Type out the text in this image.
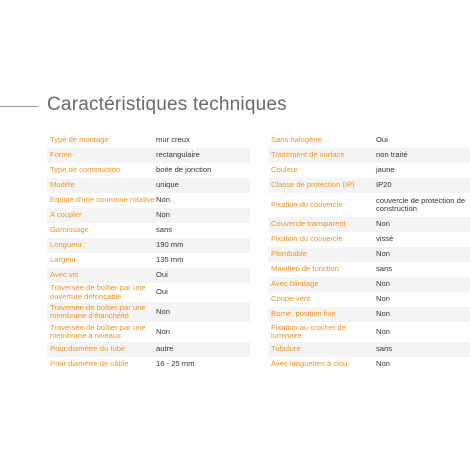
Caractéristiques techniques
Type de montage	mur creux
Forme	rectangulaire
Type de construction	boite de jonction
Modèle	unique
Equipé d'une couronne rotative Non
A coupler	Non
Garnissage	sans
Longueur	190 mm
Largeur	135 mm
Avec vis	Oui
Traversée de boîtier par une ouverture défonçable	Oui
Traversée de boîtier par une membrane d'étanchéité	Non
Traversée de boîtier par une membrane à niveaux	Non
Pour diamètre du tube	autre
Pour diamètre de câble	16 - 25 mm
Sans halogène	Oui
Traitement de surface	non traité
Couleur	jaune
Classe de protection (IP)	IP20
Fixation du couvercle	couvercle de protection de construction
Couvercle transparent	Non
Fixation du couvercle	vissé
Plombable	Non
Maintien de fonction	sans
Avec blindage	Non
Coupe-vent	Non
Borne, position fixe	Non
Fixation au crochet de luminaire	Non
Tubulure	sans
Avec languettes à clou	Non
